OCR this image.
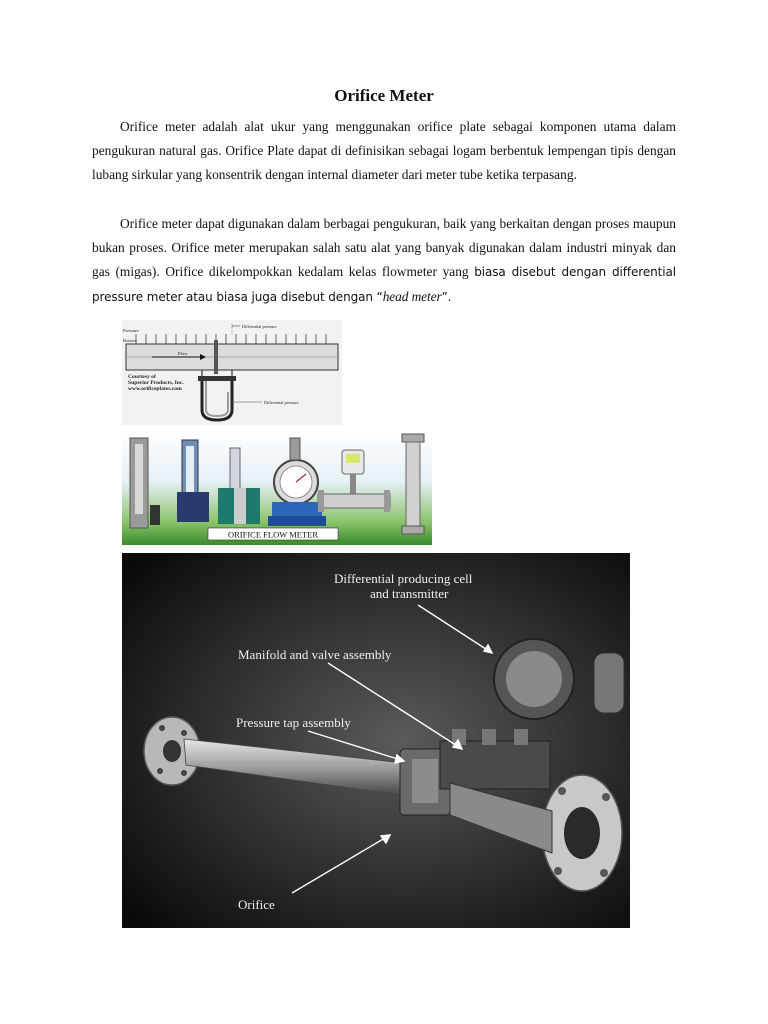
Orifice Meter

Orifice meter adalah alat ukur yang menggunakan orifice plate sebagai komponen utama dalam pengukuran natural gas. Orifice Plate dapat di definisikan sebagai logam berbentuk lempengan tipis dengan lubang sirkular yang konsentrik dengan internal diameter dari meter tube ketika terpasang.

Orifice meter dapat digunakan dalam berbagai pengukuran, baik yang berkaitan dengan proses maupun bukan proses. Orifice meter merupakan salah satu alat yang banyak digunakan dalam industri minyak dan gas (migas). Orifice dikelompokkan kedalam kelas flowmeter yang biasa disebut dengan differential pressure meter atau biasa juga disebut dengan “head meter”.

Differential pressure
Differential pressure
Pressure
Bottom
Flow
Courtesy of
Superior Products, Inc.
www.orificeplates.com
ORIFICE FLOW METER
Differential producing cell
and transmitter
Manifold and valve assembly
Pressure tap assembly
Orifice
